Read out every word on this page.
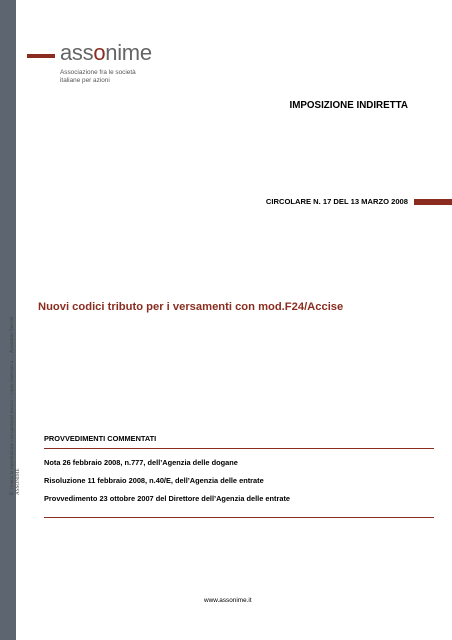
E' vietata la riproduzione con qualsiasi mezzo – copia riservata a … Assonime Servizi ASSONIME
assonime
Associazione fra le società
italiane per azioni
IMPOSIZIONE INDIRETTA
CIRCOLARE N. 17 DEL 13 MARZO 2008
Nuovi codici tributo per i versamenti con mod.F24/Accise
PROVVEDIMENTI COMMENTATI
Nota 26 febbraio 2008, n.777, dell’Agenzia delle dogane
Risoluzione 11 febbraio 2008, n.40/E, dell’Agenzia delle entrate
Provvedimento 23 ottobre 2007 del Direttore dell’Agenzia delle entrate
www.assonime.it
